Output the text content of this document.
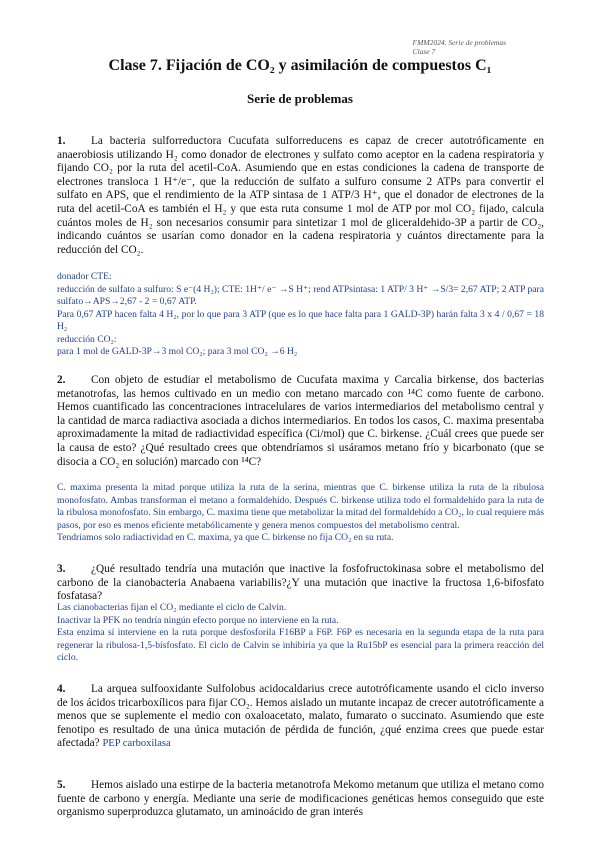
FMM2024. Serie de problemas
Clase 7
Clase 7. Fijación de CO₂ y asimilación de compuestos C₁
Serie de problemas

1. La bacteria sulforreductora Cucufata sulforreducens es capaz de crecer autotróficamente en anaerobiosis utilizando H₂ como donador de electrones y sulfato como aceptor en la cadena respiratoria y fijando CO₂ por la ruta del acetil-CoA. Asumiendo que en estas condiciones la cadena de transporte de electrones transloca 1 H⁺/e⁻, que la reducción de sulfato a sulfuro consume 2 ATPs para convertir el sulfato en APS, que el rendimiento de la ATP sintasa de 1 ATP/3 H⁺, que el donador de electrones de la ruta del acetil-CoA es también el H₂ y que esta ruta consume 1 mol de ATP por mol CO₂ fijado, calcula cuántos moles de H₂ son necesarios consumir para sintetizar 1 mol de gliceraldehido-3P a partir de CO₂, indicando cuántos se usarían como donador en la cadena respiratoria y cuántos directamente para la reducción del CO₂.

donador CTE:

reducción de sulfato a sulfuro: S e⁻(4 H₂); CTE: 1H⁺/ e⁻ →S H⁺; rend ATPsintasa: 1 ATP/ 3 H⁺ →S/3= 2,67 ATP; 2 ATP para sulfato→APS→2,67 - 2 = 0,67 ATP.

Para 0,67 ATP hacen falta 4 H₂, por lo que para 3 ATP (que es lo que hace falta para 1 GALD-3P) harán falta 3 x 4 / 0,67 = 18 H₂

reducción CO₂:

para 1 mol de GALD-3P→3 mol CO₂; para 3 mol CO₂ →6 H₂

2. Con objeto de estudiar el metabolismo de Cucufata maxima y Carcalia birkense, dos bacterias metanotrofas, las hemos cultivado en un medio con metano marcado con ¹⁴C como fuente de carbono. Hemos cuantificado las concentraciones intracelulares de varios intermediarios del metabolismo central y la cantidad de marca radiactiva asociada a dichos intermediarios. En todos los casos, C. maxima presentaba aproximadamente la mitad de radiactividad específica (Ci/mol) que C. birkense. ¿Cuál crees que puede ser la causa de esto? ¿Qué resultado crees que obtendríamos si usáramos metano frío y bicarbonato (que se disocia a CO₂ en solución) marcado con ¹⁴C?

C. maxima presenta la mitad porque utiliza la ruta de la serina, mientras que C. birkense utiliza la ruta de la ribulosa monofosfato. Ambas transforman el metano a formaldehído. Después C. birkense utiliza todo el formaldehído para la ruta de la ribulosa monofosfato. Sin embargo, C. maxima tiene que metabolizar la mitad del formaldehído a CO₂, lo cual requiere más pasos, por eso es menos eficiente metabólicamente y genera menos compuestos del metabolismo central.

Tendríamos solo radiactividad en C. maxima, ya que C. birkense no fija CO₂ en su ruta.

3. ¿Qué resultado tendría una mutación que inactive la fosfofructokinasa sobre el metabolismo del carbono de la cianobacteria Anabaena variabilis?¿Y una mutación que inactive la fructosa 1,6-bifosfato fosfatasa?

Las cianobacterias fijan el CO₂ mediante el ciclo de Calvin.

Inactivar la PFK no tendría ningún efecto porque no interviene en la ruta.

Esta enzima sí interviene en la ruta porque desfosforila F16BP a F6P. F6P es necesaria en la segunda etapa de la ruta para regenerar la ribulosa-1,5-bisfosfato. El ciclo de Calvin se inhibiría ya que la Ru15bP es esencial para la primera reacción del ciclo.

4. La arquea sulfooxidante Sulfolobus acidocaldarius crece autotróficamente usando el ciclo inverso de los ácidos tricarboxílicos para fijar CO₂. Hemos aislado un mutante incapaz de crecer autotróficamente a menos que se suplemente el medio con oxaloacetato, malato, fumarato o succinato. Asumiendo que este fenotipo es resultado de una única mutación de pérdida de función, ¿qué enzima crees que puede estar afectada? PEP carboxilasa

5. Hemos aislado una estirpe de la bacteria metanotrofa Mekomo metanum que utiliza el metano como fuente de carbono y energía. Mediante una serie de modificaciones genéticas hemos conseguido que este organismo superproduzca glutamato, un aminoácido de gran interés
